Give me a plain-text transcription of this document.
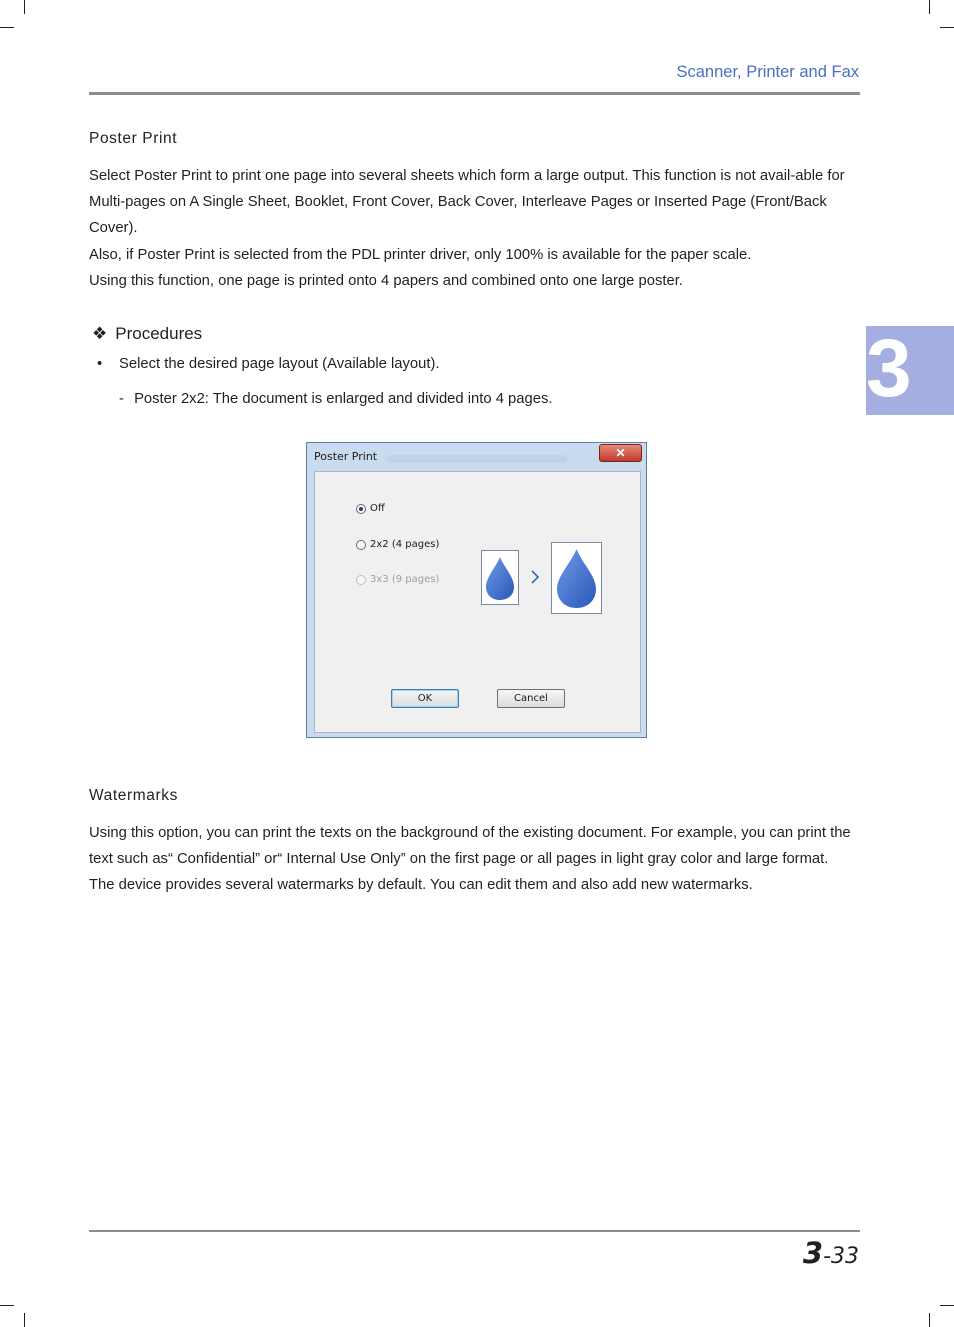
Scanner, Printer and Fax
3
Poster Print

Select Poster Print to print one page into several sheets which form a large output. This function is not avail-able for Multi-pages on A Single Sheet, Booklet, Front Cover, Back Cover, Interleave Pages or Inserted Page (Front/Back Cover).

Also, if Poster Print is selected from the PDL printer driver, only 100% is available for the paper scale.

Using this function, one page is printed onto 4 papers and combined onto one large poster.

❖ Procedures
•	Select the desired page layout (Available layout).
- Poster 2x2: The document is enlarged and divided into 4 pages.
Poster Print	✕
Off
2x2 (4 pages)
3x3 (9 pages)
OK	Cancel
Watermarks

Using this option, you can print the texts on the background of the existing document. For example, you can print the text such as“ Confidential” or“ Internal Use Only” on the first page or all pages in light gray color and large format.

The device provides several watermarks by default. You can edit them and also add new watermarks.

3-33
